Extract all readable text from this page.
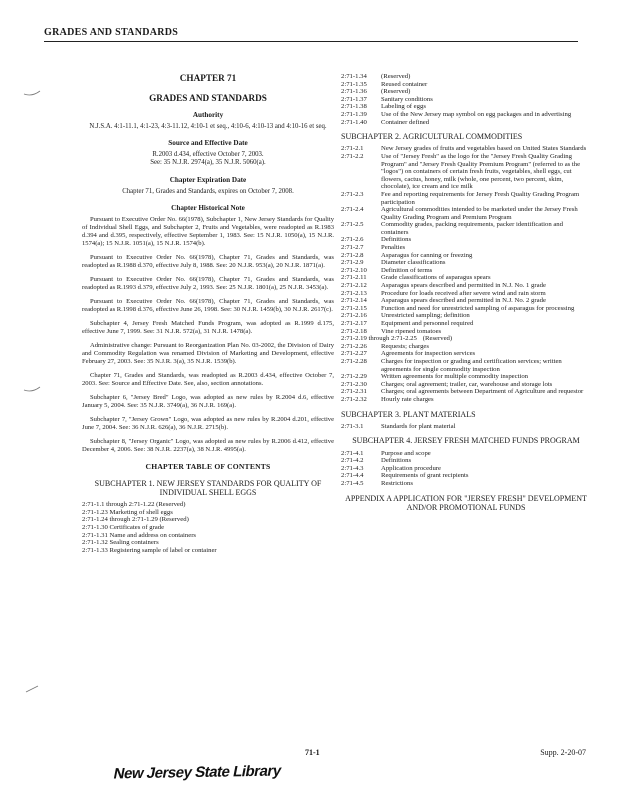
GRADES AND STANDARDS
CHAPTER 71
GRADES AND STANDARDS
Authority
N.J.S.A. 4:1-11.1, 4:1-23, 4:3-11.12, 4:10-1 et seq., 4:10-6, 4:10-13 and 4:10-16 et seq.
Source and Effective Date
R.2003 d.434, effective October 7, 2003.
See: 35 N.J.R. 2974(a), 35 N.J.R. 5060(a).
Chapter Expiration Date
Chapter 71, Grades and Standards, expires on October 7, 2008.
Chapter Historical Note

Pursuant to Executive Order No. 66(1978), Subchapter 1, New Jersey Standards for Quality of Individual Shell Eggs, and Subchapter 2, Fruits and Vegetables, were readopted as R.1983 d.394 and d.395, respectively, effective September 1, 1983. See: 15 N.J.R. 1050(a), 15 N.J.R. 1574(a); 15 N.J.R. 1051(a), 15 N.J.R. 1574(b).

Pursuant to Executive Order No. 66(1978), Chapter 71, Grades and Standards, was readopted as R.1988 d.370, effective July 8, 1988. See: 20 N.J.R. 953(a), 20 N.J.R. 1871(a).

Pursuant to Executive Order No. 66(1978), Chapter 71, Grades and Standards, was readopted as R.1993 d.379, effective July 2, 1993. See: 25 N.J.R. 1801(a), 25 N.J.R. 3453(a).

Pursuant to Executive Order No. 66(1978), Chapter 71, Grades and Standards, was readopted as R.1998 d.376, effective June 26, 1998. See: 30 N.J.R. 1459(b), 30 N.J.R. 2617(c).

Subchapter 4, Jersey Fresh Matched Funds Program, was adopted as R.1999 d.175, effective June 7, 1999. See: 31 N.J.R. 572(a), 31 N.J.R. 1478(a).

Administrative change: Pursuant to Reorganization Plan No. 03-2002, the Division of Dairy and Commodity Regulation was renamed Division of Marketing and Development, effective February 27, 2003. See: 35 N.J.R. 3(a), 35 N.J.R. 1539(b).

Chapter 71, Grades and Standards, was readopted as R.2003 d.434, effective October 7, 2003. See: Source and Effective Date. See, also, section annotations.

Subchapter 6, "Jersey Bred" Logo, was adopted as new rules by R.2004 d.6, effective January 5, 2004. See: 35 N.J.R. 3749(a), 36 N.J.R. 169(a).

Subchapter 7, "Jersey Grown" Logo, was adopted as new rules by R.2004 d.201, effective June 7, 2004. See: 36 N.J.R. 626(a), 36 N.J.R. 2715(b).

Subchapter 8, "Jersey Organic" Logo, was adopted as new rules by R.2006 d.412, effective December 4, 2006. See: 38 N.J.R. 2237(a), 38 N.J.R. 4995(a).

CHAPTER TABLE OF CONTENTS
SUBCHAPTER 1. NEW JERSEY STANDARDS FOR QUALITY OF INDIVIDUAL SHELL EGGS
2:71-1.1 through 2:71-1.22 (Reserved)
2:71-1.23 Marketing of shell eggs
2:71-1.24 through 2:71-1.29 (Reserved)
2:71-1.30 Certificates of grade
2:71-1.31 Name and address on containers
2:71-1.32 Sealing containers
2:71-1.33 Registering sample of label or container
2:71-1.34	(Reserved)
2:71-1.35	Reused container
2:71-1.36	(Reserved)
2:71-1.37	Sanitary conditions
2:71-1.38	Labeling of eggs
2:71-1.39	Use of the New Jersey map symbol on egg packages and in advertising
2:71-1.40	Container defined
SUBCHAPTER 2. AGRICULTURAL COMMODITIES
2:71-2.1	New Jersey grades of fruits and vegetables based on United States Standards
2:71-2.2	Use of "Jersey Fresh" as the logo for the "Jersey Fresh Quality Grading Program" and "Jersey Fresh Quality Premium Program" (referred to as the "logos") on containers of certain fresh fruits, vegetables, shell eggs, cut flowers, cactus, honey, milk (whole, one percent, two percent, skim, chocolate), ice cream and ice milk
2:71-2.3	Fee and reporting requirements for Jersey Fresh Quality Grading Program participation
2:71-2.4	Agricultural commodities intended to be marketed under the Jersey Fresh Quality Grading Program and Premium Program
2:71-2.5	Commodity grades, packing requirements, packer identification and containers
2:71-2.6	Definitions
2:71-2.7	Penalties
2:71-2.8	Asparagus for canning or freezing
2:71-2.9	Diameter classifications
2:71-2.10	Definition of terms
2:71-2.11	Grade classifications of asparagus spears
2:71-2.12	Asparagus spears described and permitted in N.J. No. 1 grade
2:71-2.13	Procedure for loads received after severe wind and rain storm
2:71-2.14	Asparagus spears described and permitted in N.J. No. 2 grade
2:71-2.15	Function and need for unrestricted sampling of asparagus for processing
2:71-2.16	Unrestricted sampling; definition
2:71-2.17	Equipment and personnel required
2:71-2.18	Vine ripened tomatoes
2:71-2.19 through 2:71-2.25 (Reserved)
2:71-2.26	Requests; charges
2:71-2.27	Agreements for inspection services
2:71-2.28	Charges for inspection or grading and certification services; written agreements for single commodity inspection
2:71-2.29	Written agreements for multiple commodity inspection
2:71-2.30	Charges; oral agreement; trailer, car, warehouse and storage lots
2:71-2.31	Charges; oral agreements between Department of Agriculture and requestor
2:71-2.32	Hourly rate charges
SUBCHAPTER 3. PLANT MATERIALS
2:71-3.1	Standards for plant material
SUBCHAPTER 4. JERSEY FRESH MATCHED FUNDS PROGRAM
2:71-4.1	Purpose and scope
2:71-4.2	Definitions
2:71-4.3	Application procedure
2:71-4.4	Requirements of grant recipients
2:71-4.5	Restrictions
APPENDIX A APPLICATION FOR "JERSEY FRESH" DEVELOPMENT AND/OR PROMOTIONAL FUNDS
71-1	Supp. 2-20-07
New Jersey State Library
